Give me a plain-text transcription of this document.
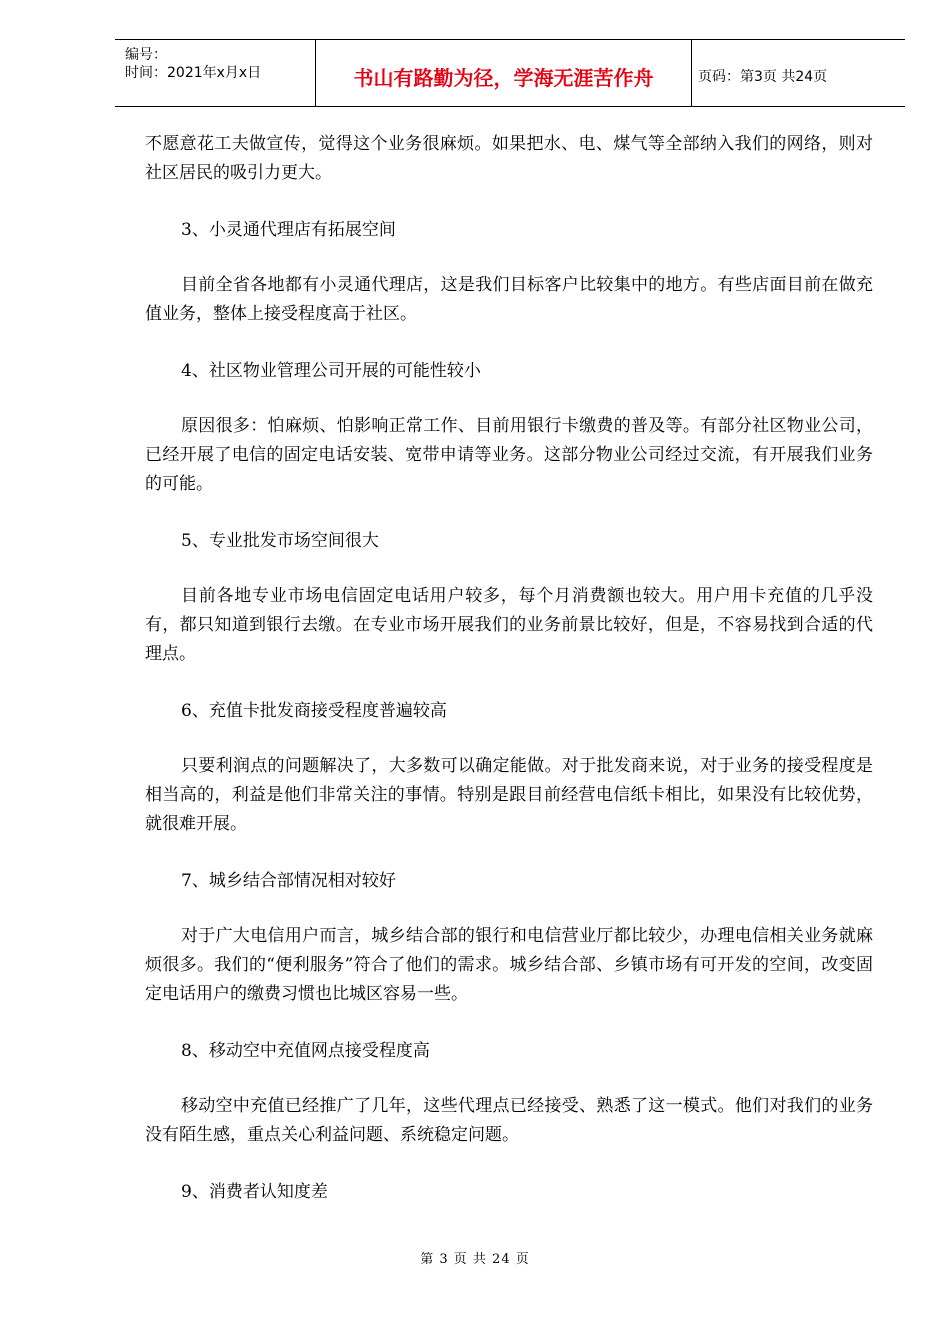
编号：
时间：2021年x月x日	书山有路勤为径，学海无涯苦作舟	页码：第3页 共24页

不愿意花工夫做宣传，觉得这个业务很麻烦。如果把水、电、煤气等全部纳入我们的网络，则对社区居民的吸引力更大。

3、小灵通代理店有拓展空间

目前全省各地都有小灵通代理店，这是我们目标客户比较集中的地方。有些店面目前在做充值业务，整体上接受程度高于社区。

4、社区物业管理公司开展的可能性较小

原因很多：怕麻烦、怕影响正常工作、目前用银行卡缴费的普及等。有部分社区物业公司，已经开展了电信的固定电话安装、宽带申请等业务。这部分物业公司经过交流，有开展我们业务的可能。

5、专业批发市场空间很大

目前各地专业市场电信固定电话用户较多，每个月消费额也较大。用户用卡充值的几乎没有，都只知道到银行去缴。在专业市场开展我们的业务前景比较好，但是，不容易找到合适的代理点。

6、充值卡批发商接受程度普遍较高

只要利润点的问题解决了，大多数可以确定能做。对于批发商来说，对于业务的接受程度是相当高的，利益是他们非常关注的事情。特别是跟目前经营电信纸卡相比，如果没有比较优势，就很难开展。

7、城乡结合部情况相对较好

对于广大电信用户而言，城乡结合部的银行和电信营业厅都比较少，办理电信相关业务就麻烦很多。我们的“便利服务”符合了他们的需求。城乡结合部、乡镇市场有可开发的空间，改变固定电话用户的缴费习惯也比城区容易一些。

8、移动空中充值网点接受程度高

移动空中充值已经推广了几年，这些代理点已经接受、熟悉了这一模式。他们对我们的业务没有陌生感，重点关心利益问题、系统稳定问题。

9、消费者认知度差
第 3 页 共 24 页
